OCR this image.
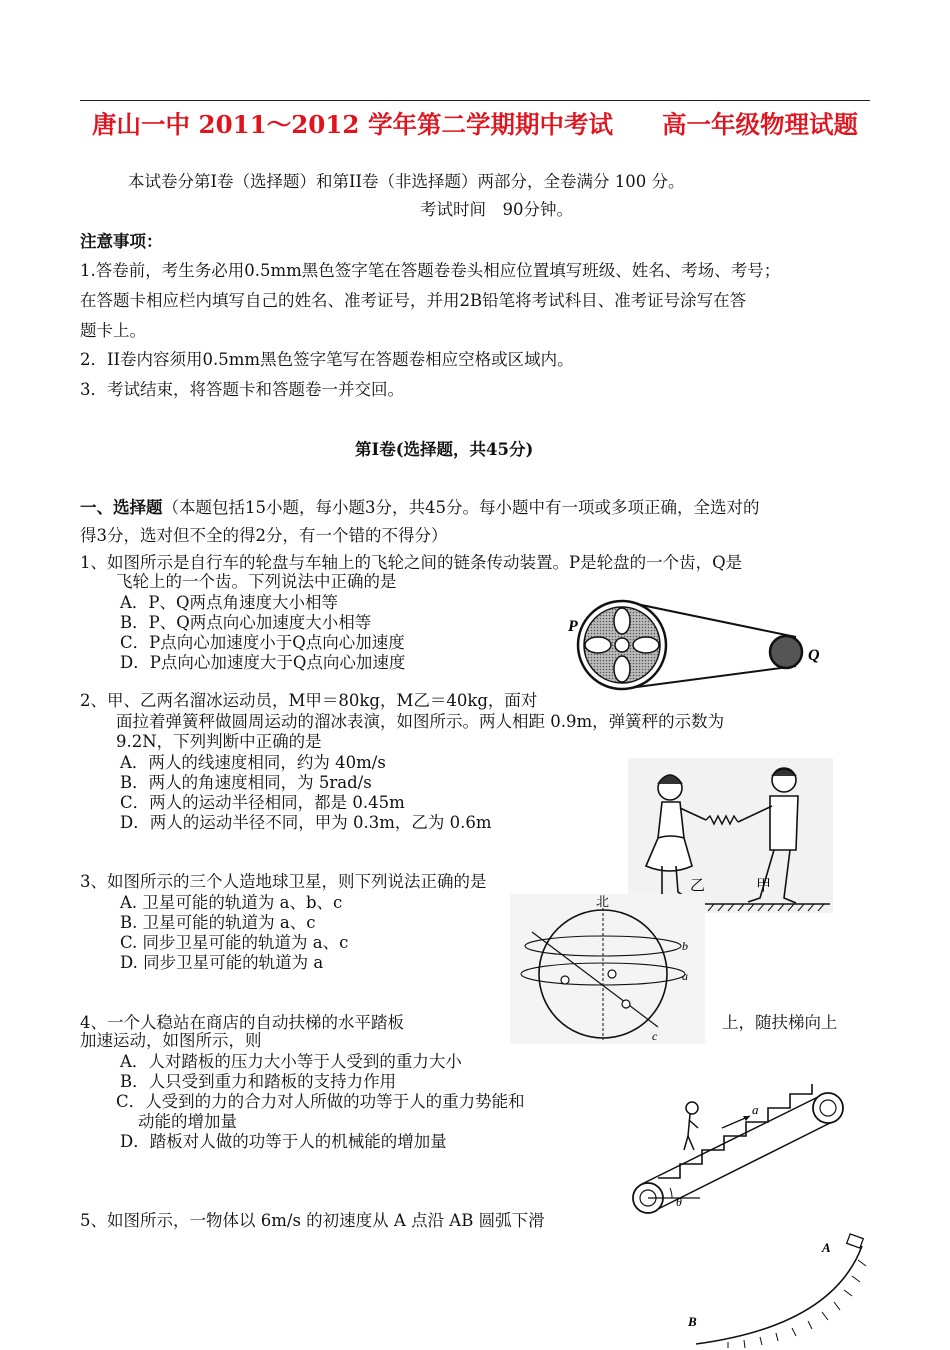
唐山一中 2011～2012 学年第二学期期中考试　　高一年级物理试题
本试卷分第Ⅰ卷（选择题）和第II卷（非选择题）两部分，全卷满分 100 分。
考试时间　90分钟。
注意事项：
1.答卷前，考生务必用0.5mm黑色签字笔在答题卷卷头相应位置填写班级、姓名、考场、考号；
在答题卡相应栏内填写自己的姓名、准考证号，并用2B铅笔将考试科目、准考证号涂写在答
题卡上。
2．II卷内容须用0.5mm黑色签字笔写在答题卷相应空格或区域内。
3．考试结束，将答题卡和答题卷一并交回。
第Ⅰ卷(选择题，共45分)
一、选择题（本题包括15小题，每小题3分，共45分。每小题中有一项或多项正确，全选对的
得3分，选对但不全的得2分，有一个错的不得分）
1、如图所示是自行车的轮盘与车轴上的飞轮之间的链条传动装置。P是轮盘的一个齿，Q是
飞轮上的一个齿。下列说法中正确的是
A．P、Q两点角速度大小相等
B．P、Q两点向心加速度大小相等
C．P点向心加速度小于Q点向心加速度
D．P点向心加速度大于Q点向心加速度
P
Q
2、甲、乙两名溜冰运动员，M甲＝80kg，M乙＝40kg，面对
面拉着弹簧秤做圆周运动的溜冰表演，如图所示。两人相距 0.9m，弹簧秤的示数为
9.2N，下列判断中正确的是
A．两人的线速度相同，约为 40m/s
B．两人的角速度相同，为 5rad/s
C．两人的运动半径相同，都是 0.45m
D．两人的运动半径不同，甲为 0.3m，乙为 0.6m
乙	甲
3、如图所示的三个人造地球卫星，则下列说法正确的是
A. 卫星可能的轨道为 a、b、c
B. 卫星可能的轨道为 a、c
C. 同步卫星可能的轨道为 a、c
D. 同步卫星可能的轨道为 a
北
b
a
c
4、一个人稳站在商店的自动扶梯的水平踏板	上，随扶梯向上
加速运动，如图所示，则
A．人对踏板的压力大小等于人受到的重力大小
B．人只受到重力和踏板的支持力作用
C．人受到的力的合力对人所做的功等于人的重力势能和
动能的增加量
D．踏板对人做的功等于人的机械能的增加量
a
θ
5、如图所示，一物体以 6m/s 的初速度从 A 点沿 AB 圆弧下滑
A
B
